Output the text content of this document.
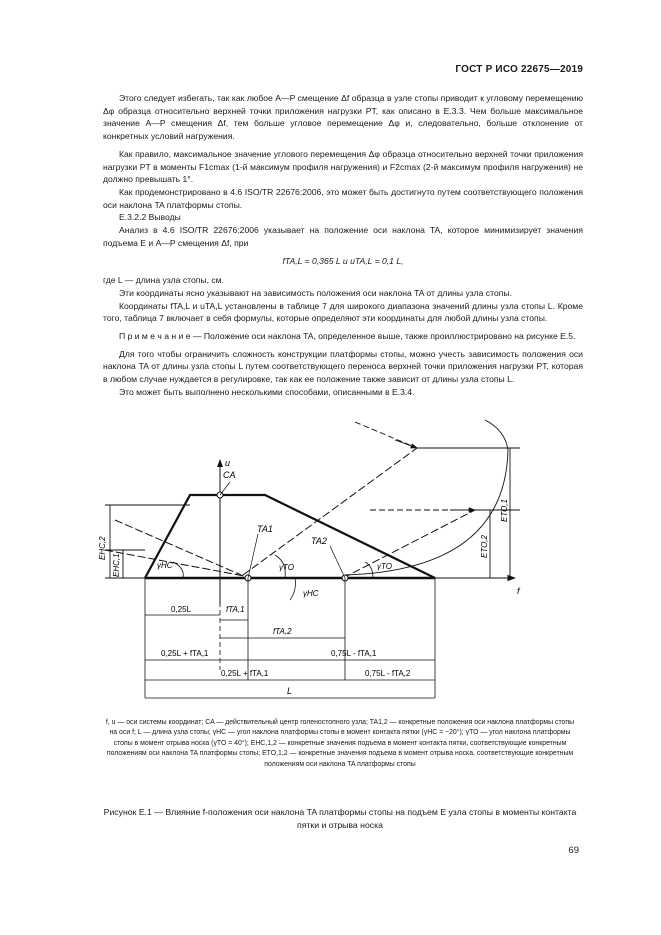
ГОСТ Р ИСО 22675—2019

Этого следует избегать, так как любое A—P смещение Δf образца в узле стопы приводит к угловому перемещению Δφ образца относительно верхней точки приложения нагрузки PT, как описано в Е.3.3. Чем больше максимальное значение A—P смещения Δf, тем больше угловое перемещение Δφ и, следовательно, больше отклонение от конкретных условий нагружения.

Как правило, максимальное значение углового перемещения Δφ образца относительно верхней точки приложения нагрузки PT в моменты F1cmax (1-й максимум профиля нагружения) и F2cmax (2-й максимум профиля нагружения) не должно превышать 1°.

Как продемонстрировано в 4.6 ISO/TR 22676:2006, это может быть достигнуто путем соответствующего положения оси наклона TA платформы стопы.

Е.3.2.2 Выводы

Анализ в 4.6 ISO/TR 22676:2006 указывает на положение оси наклона TA, которое минимизирует значения подъема E и A—P смещения Δf, при

fTA,L = 0,365 L и uTA,L = 0,1 L,

где L — длина узла стопы, см.

Эти координаты ясно указывают на зависимость положения оси наклона TA от длины узла стопы.

Координаты fTA,L и uTA,L установлены в таблице 7 для широкого диапазона значений длины узла стопы L. Кроме того, таблица 7 включает в себя формулы, которые определяют эти координаты для любой длины узла стопы.

П р и м е ч а н и е — Положение оси наклона TA, определенное выше, также проиллюстрировано на рисунке Е.5.

Для того чтобы ограничить сложность конструкции платформы стопы, можно учесть зависимость положения оси наклона TA от длины узла стопы L путем соответствующего переноса верхней точки приложения нагрузки PT, которая в любом случае нуждается в регулировке, так как ее положение также зависит от длины узла стопы L.

Это может быть выполнено несколькими способами, описанными в Е.3.4.

u
f
CA
TA1
TA2
γHC	γTO
γHC
γTO
EHC,2
EHC,1
ETO,1
ETO,2
0,25L	fTA,1
fTA,2
0,25L + fTA,1	0,75L - fTA,1
0,25L + fTA,1	0,75L - fTA,2
L
f, u — оси системы координат; CA — действительный центр голеностопного узла; TA1,2 — конкретные положения оси наклона платформы стопы на оси f; L — длина узла стопы; γHC — угол наклона платформы стопы в момент контакта пятки (γHC = −20°); γTO — угол наклона платформы стопы в момент отрыва носка (γTO = 40°); EHC,1,2 — конкретные значения подъема в момент контакта пятки, соответствующие конкретным положениям оси наклона TA платформы стопы; ETO,1,2 — конкретные значения подъема в момент отрыва носка, соответствующие конкретным положениям оси наклона TA платформы стопы
Рисунок Е.1 — Влияние f-положения оси наклона TA платформы стопы на подъем E узла стопы в моменты контакта пятки и отрыва носка
69
